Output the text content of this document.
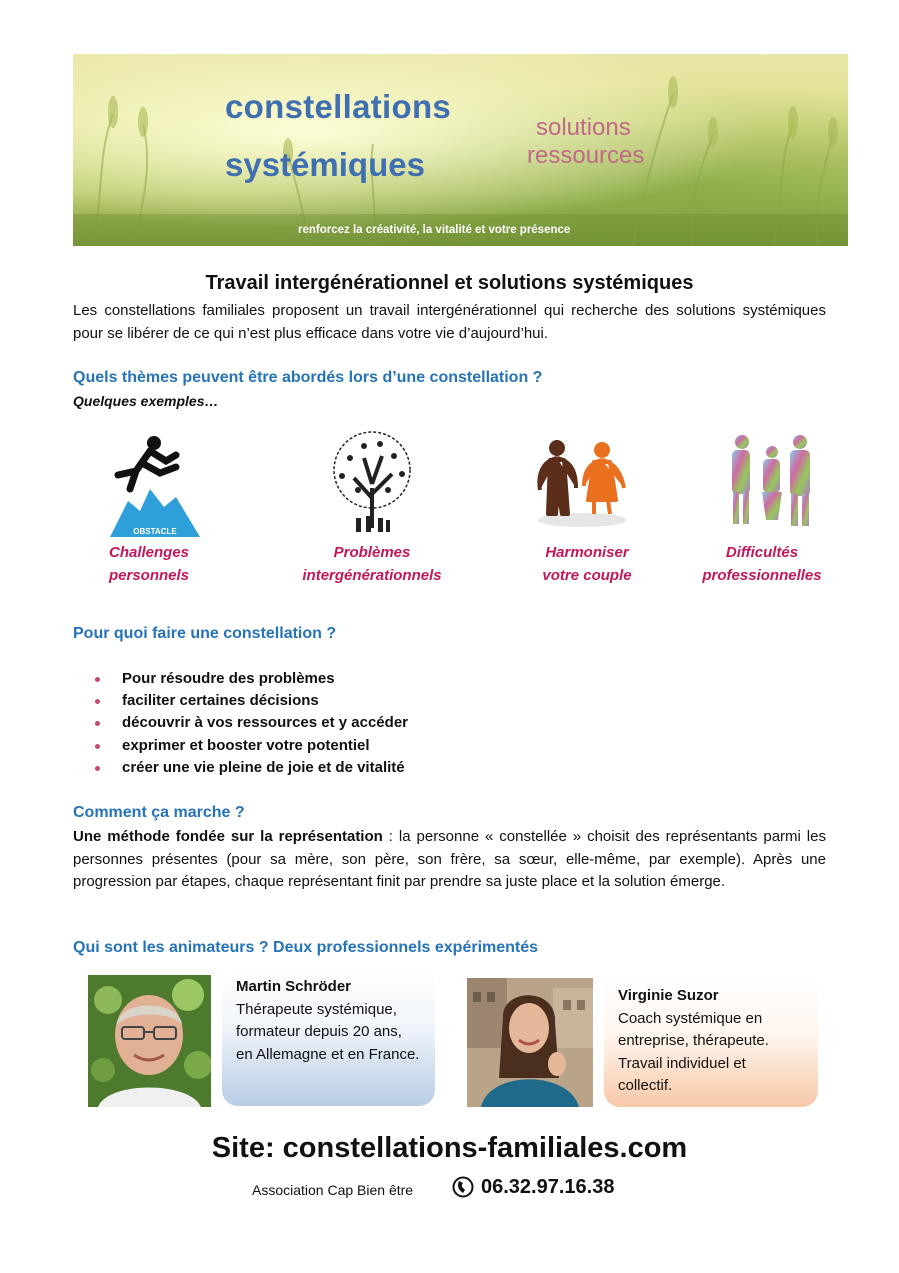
constellations
systémiques
solutions
ressources
renforcez la créativité, la vitalité et votre présence
Travail intergénérationnel et solutions systémiques
Les constellations familiales proposent un travail intergénérationnel qui recherche des solutions systémiques pour se libérer de ce qui n’est plus efficace dans votre vie d’aujourd’hui.
Quels thèmes peuvent être abordés lors d’une constellation ?
Quelques exemples…
OBSTACLE
Challenges
personnels
Problèmes
intergénérationnels
Harmoniser
votre couple
Difficultés
professionnelles
Pour quoi faire une constellation ?
Pour résoudre des problèmes
faciliter certaines décisions
découvrir à vos ressources et y accéder
exprimer et booster votre potentiel
créer une vie pleine de joie et de vitalité
Comment ça marche ?
Une méthode fondée sur la représentation : la personne « constellée » choisit des représentants parmi les personnes présentes (pour sa mère, son père, son frère, sa sœur, elle-même, par exemple). Après une progression par étapes, chaque représentant finit par prendre sa juste place et la solution émerge.
Qui sont les animateurs ? Deux professionnels expérimentés
Martin Schröder
Thérapeute systémique, formateur depuis 20 ans, en Allemagne et en France.
Virginie Suzor
Coach systémique en entreprise, thérapeute. Travail individuel et collectif.
Site: constellations-familiales.com
Association Cap Bien être	06.32.97.16.38
